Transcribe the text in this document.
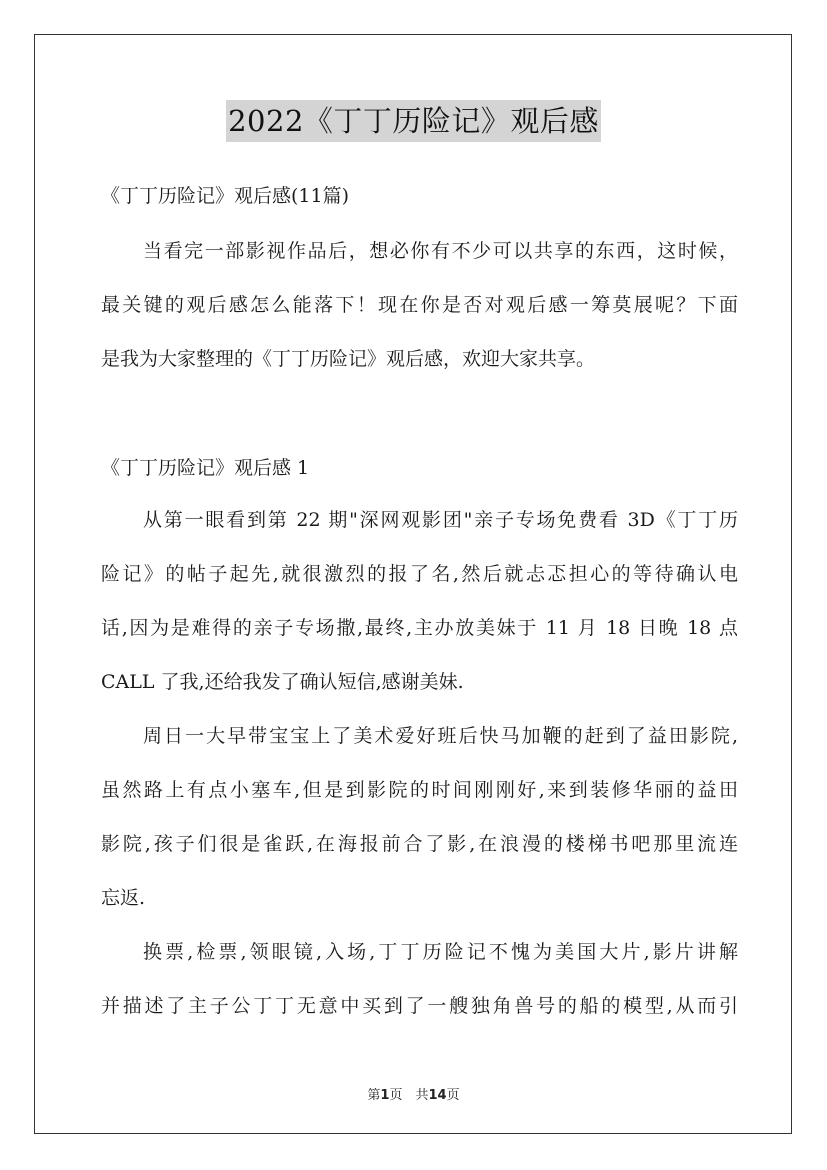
2022《丁丁历险记》观后感
《丁丁历险记》观后感(11篇)
当看完一部影视作品后，想必你有不少可以共享的东西，这时候，
最关键的观后感怎么能落下！现在你是否对观后感一筹莫展呢？下面
是我为大家整理的《丁丁历险记》观后感，欢迎大家共享。
《丁丁历险记》观后感 1
从第一眼看到第 22 期"深网观影团"亲子专场免费看 3D《丁丁历
险记》的帖子起先,就很激烈的报了名,然后就忐忑担心的等待确认电
话,因为是难得的亲子专场撒,最终,主办放美妹于 11 月 18 日晚 18 点
CALL 了我,还给我发了确认短信,感谢美妹.
周日一大早带宝宝上了美术爱好班后快马加鞭的赶到了益田影院,
虽然路上有点小塞车,但是到影院的时间刚刚好,来到装修华丽的益田
影院,孩子们很是雀跃,在海报前合了影,在浪漫的楼梯书吧那里流连
忘返.
换票,检票,领眼镜,入场,丁丁历险记不愧为美国大片,影片讲解
并描述了主子公丁丁无意中买到了一艘独角兽号的船的模型,从而引
第1页　共14页
